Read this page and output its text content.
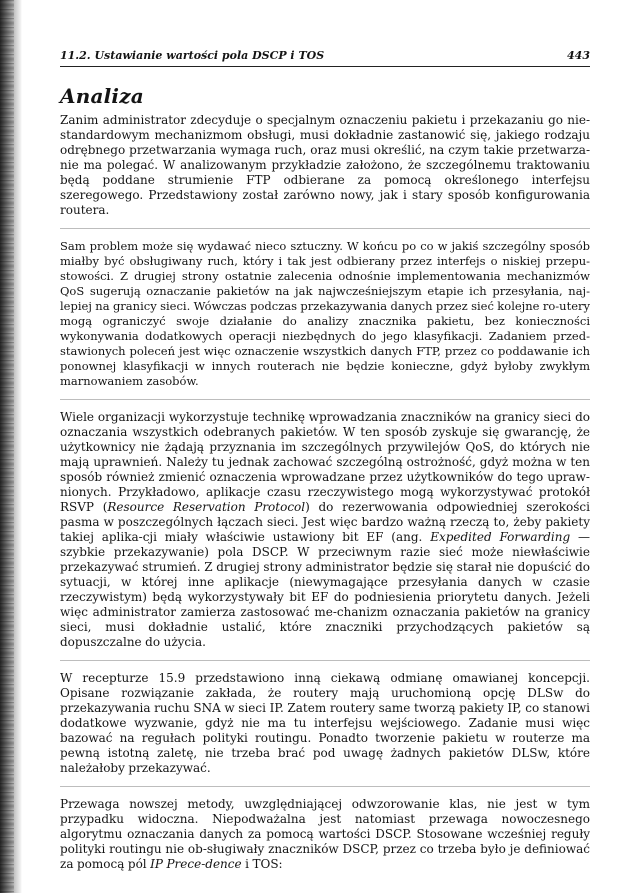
11.2. Ustawianie wartości pola DSCP i TOS	443
Analiza

Zanim administrator zdecyduje o specjalnym oznaczeniu pakietu i przekazaniu go nie-standardowym mechanizmom obsługi, musi dokładnie zastanowić się, jakiego rodzaju odrębnego przetwarzania wymaga ruch, oraz musi określić, na czym takie przetwarza-nie ma polegać. W analizowanym przykładzie założono, że szczególnemu traktowaniu będą poddane strumienie FTP odbierane za pomocą określonego interfejsu szeregowego. Przedstawiony został zarówno nowy, jak i stary sposób konfigurowania routera.

Sam problem może się wydawać nieco sztuczny. W końcu po co w jakiś szczególny sposób miałby być obsługiwany ruch, który i tak jest odbierany przez interfejs o niskiej przepu-stowości. Z drugiej strony ostatnie zalecenia odnośnie implementowania mechanizmów QoS sugerują oznaczanie pakietów na jak najwcześniejszym etapie ich przesyłania, naj-lepiej na granicy sieci. Wówczas podczas przekazywania danych przez sieć kolejne ro-utery mogą ograniczyć swoje działanie do analizy znacznika pakietu, bez konieczności wykonywania dodatkowych operacji niezbędnych do jego klasyfikacji. Zadaniem przed-stawionych poleceń jest więc oznaczenie wszystkich danych FTP, przez co poddawanie ich ponownej klasyfikacji w innych routerach nie będzie konieczne, gdyż byłoby zwykłym marnowaniem zasobów.

Wiele organizacji wykorzystuje technikę wprowadzania znaczników na granicy sieci do oznaczania wszystkich odebranych pakietów. W ten sposób zyskuje się gwarancję, że użytkownicy nie żądają przyznania im szczególnych przywilejów QoS, do których nie mają uprawnień. Należy tu jednak zachować szczególną ostrożność, gdyż można w ten sposób również zmienić oznaczenia wprowadzane przez użytkowników do tego upraw-nionych. Przykładowo, aplikacje czasu rzeczywistego mogą wykorzystywać protokół RSVP (Resource Reservation Protocol) do rezerwowania odpowiedniej szerokości pasma w poszczególnych łączach sieci. Jest więc bardzo ważną rzeczą to, żeby pakiety takiej aplika-cji miały właściwie ustawiony bit EF (ang. Expedited Forwarding — szybkie przekazywanie) pola DSCP. W przeciwnym razie sieć może niewłaściwie przekazywać strumień. Z drugiej strony administrator będzie się starał nie dopuścić do sytuacji, w której inne aplikacje (niewymagające przesyłania danych w czasie rzeczywistym) będą wykorzystywały bit EF do podniesienia priorytetu danych. Jeżeli więc administrator zamierza zastosować me-chanizm oznaczania pakietów na granicy sieci, musi dokładnie ustalić, które znaczniki przychodzących pakietów są dopuszczalne do użycia.

W recepturze 15.9 przedstawiono inną ciekawą odmianę omawianej koncepcji. Opisane rozwiązanie zakłada, że routery mają uruchomioną opcję DLSw do przekazywania ruchu SNA w sieci IP. Zatem routery same tworzą pakiety IP, co stanowi dodatkowe wyzwanie, gdyż nie ma tu interfejsu wejściowego. Zadanie musi więc bazować na regułach polityki routingu. Ponadto tworzenie pakietu w routerze ma pewną istotną zaletę, nie trzeba brać pod uwagę żadnych pakietów DLSw, które należałoby przekazywać.

Przewaga nowszej metody, uwzględniającej odwzorowanie klas, nie jest w tym przypadku widoczna. Niepodważalna jest natomiast przewaga nowoczesnego algorytmu oznaczania danych za pomocą wartości DSCP. Stosowane wcześniej reguły polityki routingu nie ob-sługiwały znaczników DSCP, przez co trzeba było je definiować za pomocą pól IP Prece-dence i TOS:
